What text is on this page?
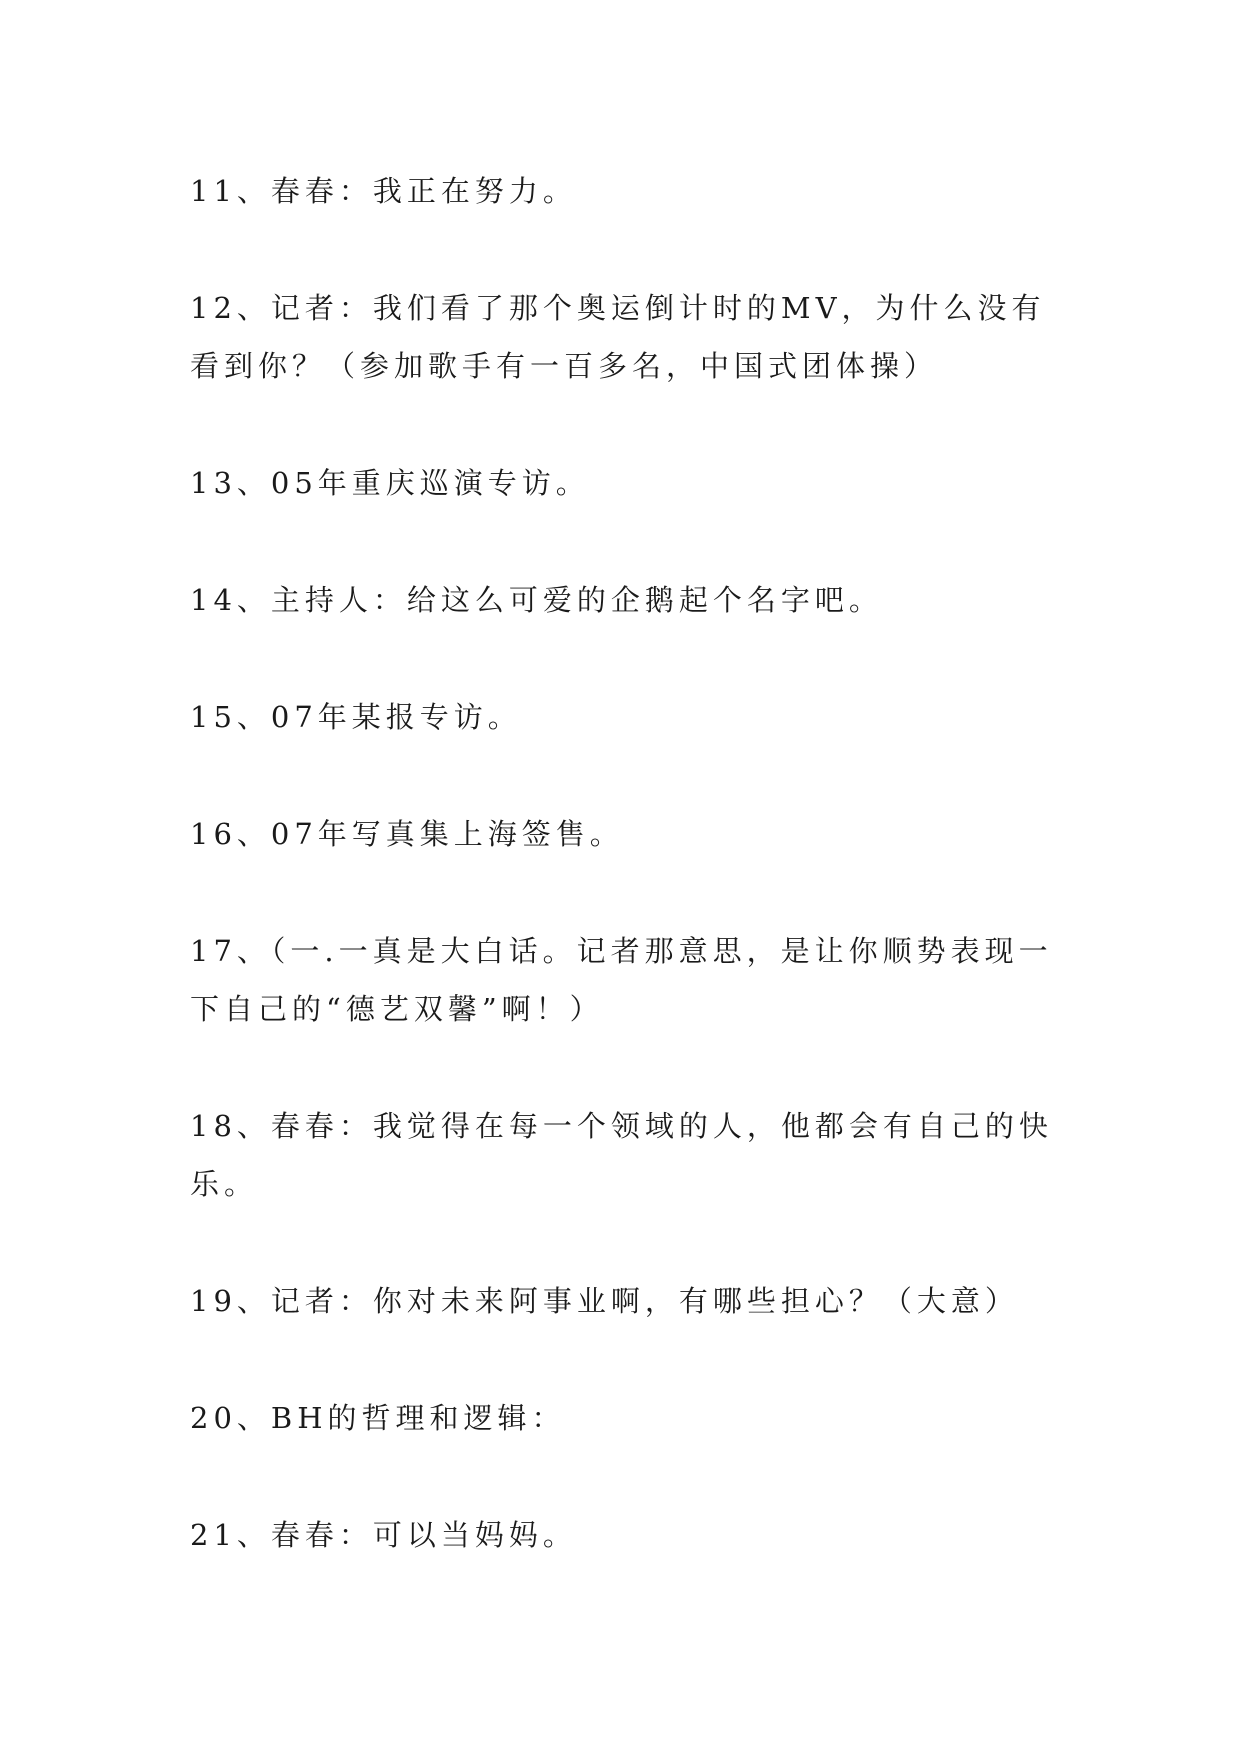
11、春春：我正在努力。

12、记者：我们看了那个奥运倒计时的MV，为什么没有看到你？（参加歌手有一百多名，中国式团体操）

13、05年重庆巡演专访。

14、主持人：给这么可爱的企鹅起个名字吧。

15、07年某报专访。

16、07年写真集上海签售。

17、（一.一真是大白话。记者那意思，是让你顺势表现一下自己的“德艺双馨”啊！）

18、春春：我觉得在每一个领域的人，他都会有自己的快乐。

19、记者：你对未来阿事业啊，有哪些担心？（大意）

20、BH的哲理和逻辑：

21、春春：可以当妈妈。
